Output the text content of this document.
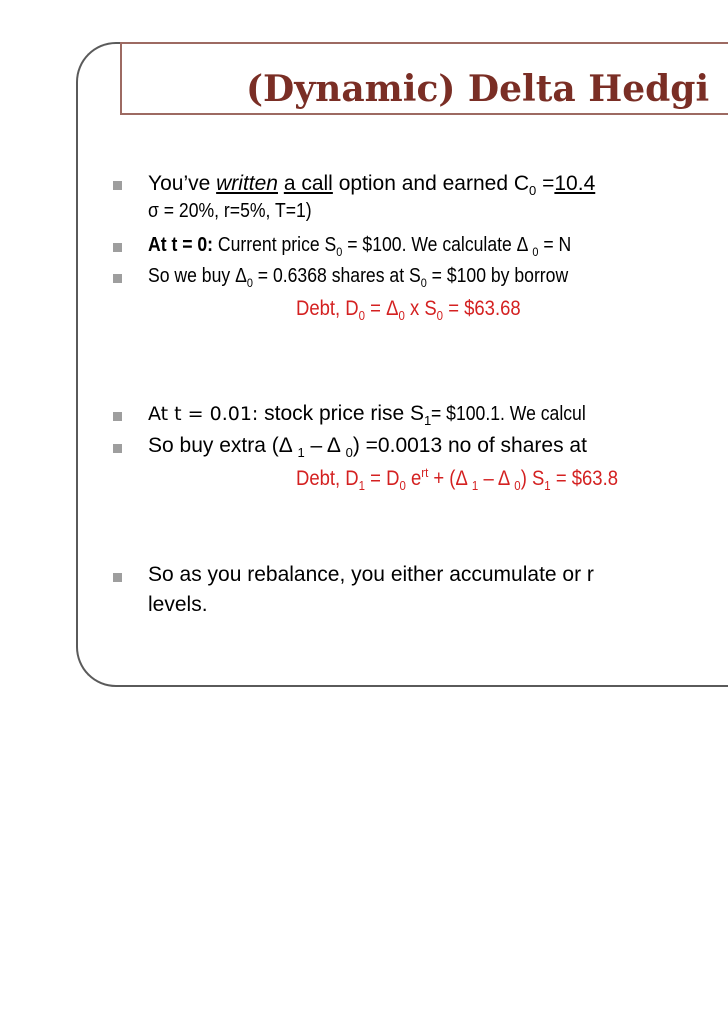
(Dynamic) Delta Hedgi

You’ve written a call option and earned $C_0 =10.4$

σ = 20%, r=5%, T=1)

At t = 0: Current price $S_0$ = $100. We calculate Δ $_0$ = N

So we buy $\Delta_0 = 0.6368$ shares at $S_0$ = $100 by borrow

Debt, $D_0 = \Delta_0$ x $S_0$ = $63.68

At t = 0.01: stock price rise $S_1=$ $100.1. We calcul

So buy extra (Δ $_1$ – Δ $_0$) =0.0013 no of shares at

Debt, $D_1 = D_0$ $e^{rt} + (\Delta$ $_1$ – Δ $_0$) $S_1$ = $63.8

So as you rebalance, you either accumulate or r

levels.
